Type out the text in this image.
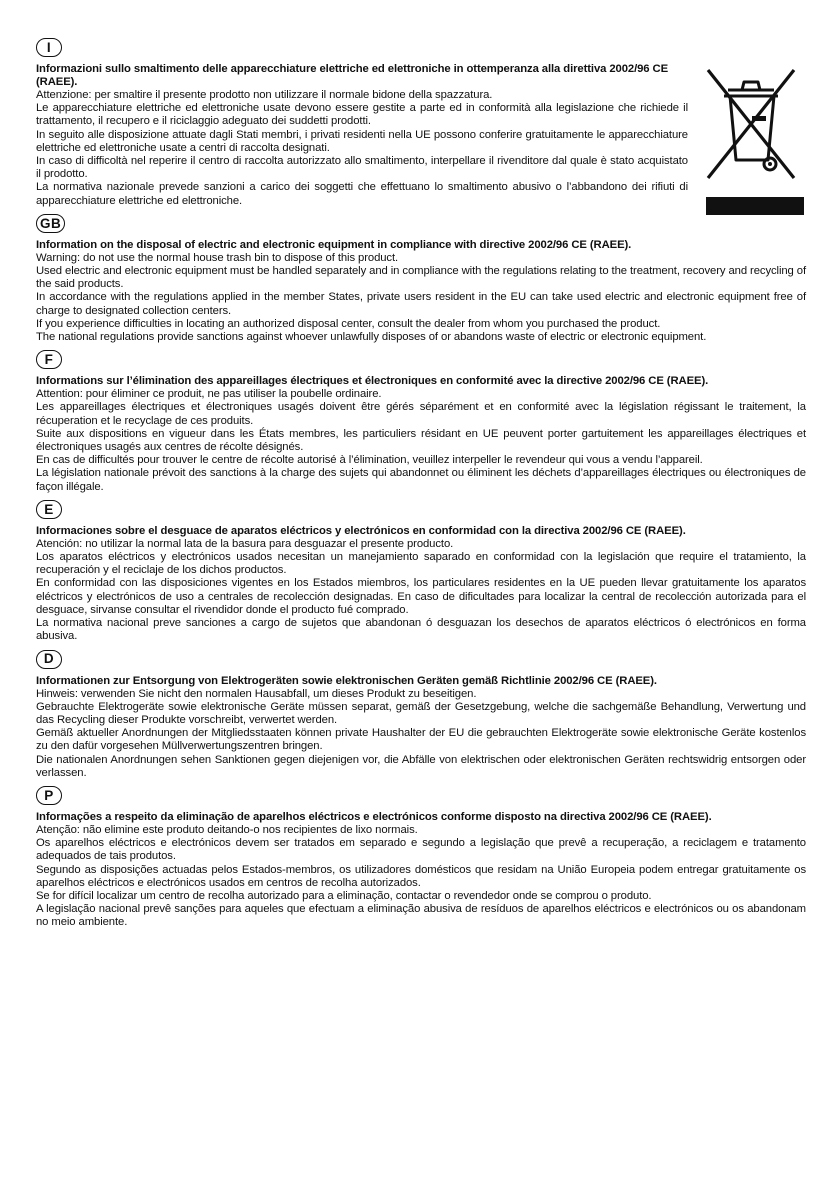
I

Informazioni sullo smaltimento delle apparecchiature elettriche ed elettroniche in ottemperanza alla direttiva 2002/96 CE (RAEE).

Attenzione: per smaltire il presente prodotto non utilizzare il normale bidone della spazzatura.

Le apparecchiature elettriche ed elettroniche usate devono essere gestite a parte ed in conformità alla legislazione che richiede il trattamento, il recupero e il riciclaggio adeguato dei suddetti prodotti.

In seguito alle disposizione attuate dagli Stati membri, i privati residenti nella UE possono conferire gratuitamente le apparecchiature elettriche ed elettroniche usate a centri di raccolta designati.

In caso di difficoltà nel reperire il centro di raccolta autorizzato allo smaltimento, interpellare il rivenditore dal quale è stato acquistato il prodotto.

La normativa nazionale prevede sanzioni a carico dei soggetti che effettuano lo smaltimento abusivo o l’abbandono dei rifiuti di apparecchiature elettriche ed elettroniche.

GB

Information on the disposal of electric and electronic equipment in compliance with directive 2002/96 CE (RAEE).

Warning: do not use the normal house trash bin to dispose of this product.

Used electric and electronic equipment must be handled separately and in compliance with the regulations relating to the treatment, recovery and recycling of the said products.

In accordance with the regulations applied in the member States, private users resident in the EU can take used electric and electronic equipment free of charge to designated collection centers.

If you experience difficulties in locating an authorized disposal center, consult the dealer from whom you purchased the product.

The national regulations provide sanctions against whoever unlawfully disposes of or abandons waste of electric or electronic equipment.

F

Informations sur l’élimination des appareillages électriques et électroniques en conformité avec la directive 2002/96 CE (RAEE).

Attention: pour éliminer ce produit, ne pas utiliser la poubelle ordinaire.

Les appareillages électriques et électroniques usagés doivent être gérés séparément et en conformité avec la législation régissant le traitement, la récuperation et le recyclage de ces produits.

Suite aux dispositions en vigueur dans les États membres, les particuliers résidant en UE peuvent porter gartuitement les appareillages électriques et électroniques usagés aux centres de récolte désignés.

En cas de difficultés pour trouver le centre de récolte autorisé à l’élimination, veuillez interpeller le revendeur qui vous a vendu l’appareil.

La législation nationale prévoit des sanctions à la charge des sujets qui abandonnet ou éliminent les déchets d’appareillages électriques ou électroniques de façon illégale.

E

Informaciones sobre el desguace de aparatos eléctricos y electrónicos en conformidad con la directiva 2002/96 CE (RAEE).

Atención: no utilizar la normal lata de la basura para desguazar el presente producto.

Los aparatos eléctricos y electrónicos usados necesitan un manejamiento saparado en conformidad con la legislación que require el tratamiento, la recuperación y el reciclaje de los dichos productos.

En conformidad con las disposiciones vigentes en los Estados miembros, los particulares residentes en la UE pueden llevar gratuitamente los aparatos eléctricos y electrónicos de uso a centrales de recolección designadas. En caso de dificultades para localizar la central de recolección autorizada para el desguace, sirvanse consultar el rivendidor donde el producto fué comprado.

La normativa nacional preve sanciones a cargo de sujetos que abandonan ó desguazan los desechos de aparatos eléctricos ó electrónicos en forma abusiva.

D

Informationen zur Entsorgung von Elektrogeräten sowie elektronischen Geräten gemäß Richtlinie 2002/96 CE (RAEE).

Hinweis: verwenden Sie nicht den normalen Hausabfall, um dieses Produkt zu beseitigen.

Gebrauchte Elektrogeräte sowie elektronische Geräte müssen separat, gemäß der Gesetzgebung, welche die sachgemäße Behandlung, Verwertung und das Recycling dieser Produkte vorschreibt, verwertet werden.

Gemäß aktueller Anordnungen der Mitgliedsstaaten können private Haushalter der EU die gebrauchten Elektrogeräte sowie elektronische Geräte kostenlos zu den dafür vorgesehen Müllverwertungszentren bringen.

Die nationalen Anordnungen sehen Sanktionen gegen diejenigen vor, die Abfälle von elektrischen oder elektronischen Geräten rechtswidrig entsorgen oder verlassen.

P

Informações a respeito da eliminação de aparelhos eléctricos e electrónicos conforme disposto na directiva 2002/96 CE (RAEE).

Atenção: não elimine este produto deitando-o nos recipientes de lixo normais.

Os aparelhos eléctricos e electrónicos devem ser tratados em separado e segundo a legislação que prevê a recuperação, a reciclagem e tratamento adequados de tais produtos.

Segundo as disposições actuadas pelos Estados-membros, os utilizadores domésticos que residam na União Europeia podem entregar gratuitamente os aparelhos eléctricos e electrónicos usados em centros de recolha autorizados.

Se for difícil localizar um centro de recolha autorizado para a eliminação, contactar o revendedor onde se comprou o produto.

A legislação nacional prevê sanções para aqueles que efectuam a eliminação abusiva de resíduos de aparelhos eléctricos e electrónicos ou os abandonam no meio ambiente.
